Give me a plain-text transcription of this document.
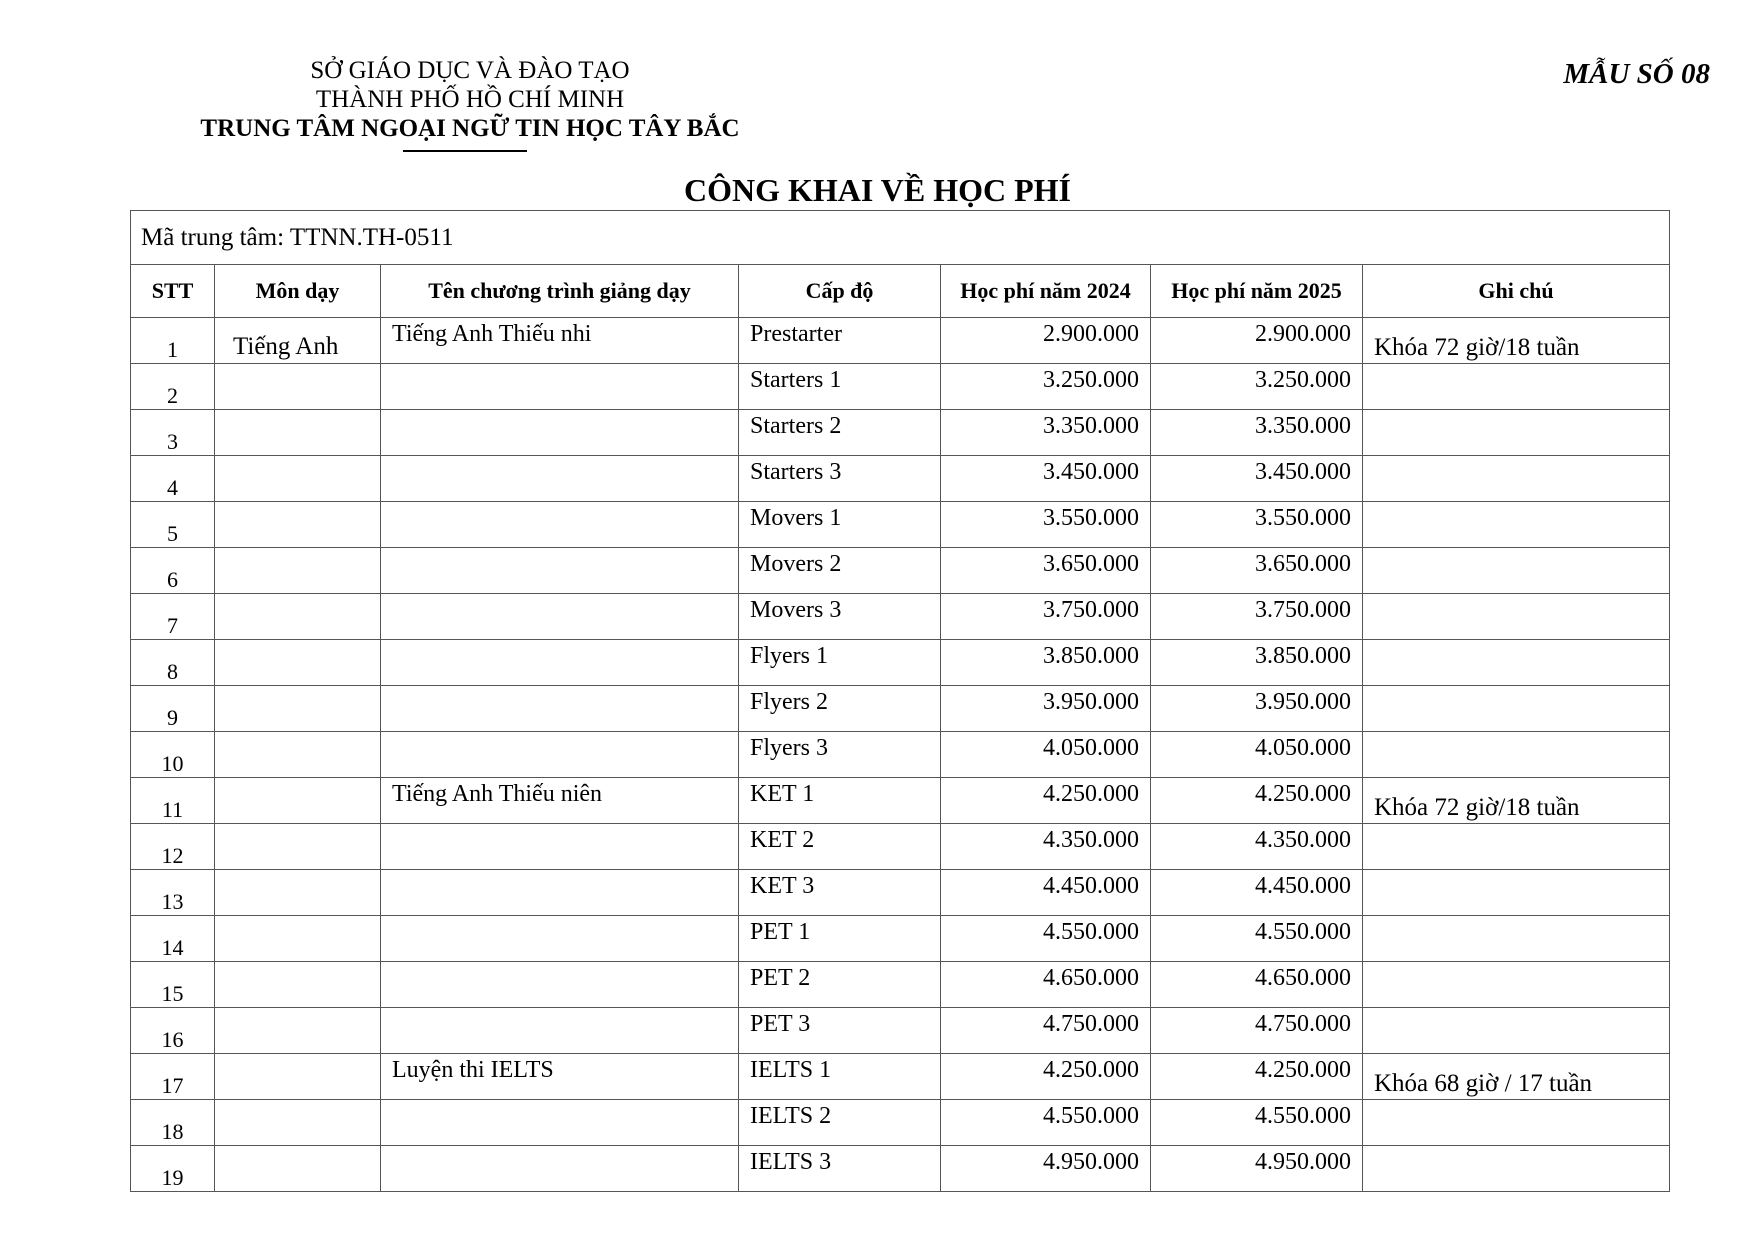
SỞ GIÁO DỤC VÀ ĐÀO TẠO
THÀNH PHỐ HỒ CHÍ MINH
TRUNG TÂM NGOẠI NGỮ TIN HỌC TÂY BẮC
MẪU SỐ 08
CÔNG KHAI VỀ HỌC PHÍ
Mã trung tâm: TTNN.TH-0511						
STT	Môn dạy	Tên chương trình giảng dạy	Cấp độ	Học phí năm 2024	Học phí năm 2025	Ghi chú
1	Tiếng Anh	Tiếng Anh Thiếu nhi	Prestarter	2.900.000	2.900.000	Khóa 72 giờ/18 tuần
2			Starters 1	3.250.000	3.250.000	
3			Starters 2	3.350.000	3.350.000	
4			Starters 3	3.450.000	3.450.000	
5			Movers 1	3.550.000	3.550.000	
6			Movers 2	3.650.000	3.650.000	
7			Movers 3	3.750.000	3.750.000	
8			Flyers 1	3.850.000	3.850.000	
9			Flyers 2	3.950.000	3.950.000	
10			Flyers 3	4.050.000	4.050.000	
11		Tiếng Anh Thiếu niên	KET 1	4.250.000	4.250.000	Khóa 72 giờ/18 tuần
12			KET 2	4.350.000	4.350.000	
13			KET 3	4.450.000	4.450.000	
14			PET 1	4.550.000	4.550.000	
15			PET 2	4.650.000	4.650.000	
16			PET 3	4.750.000	4.750.000	
17		Luyện thi IELTS	IELTS 1	4.250.000	4.250.000	Khóa 68 giờ / 17 tuần
18			IELTS 2	4.550.000	4.550.000	
19			IELTS 3	4.950.000	4.950.000	
